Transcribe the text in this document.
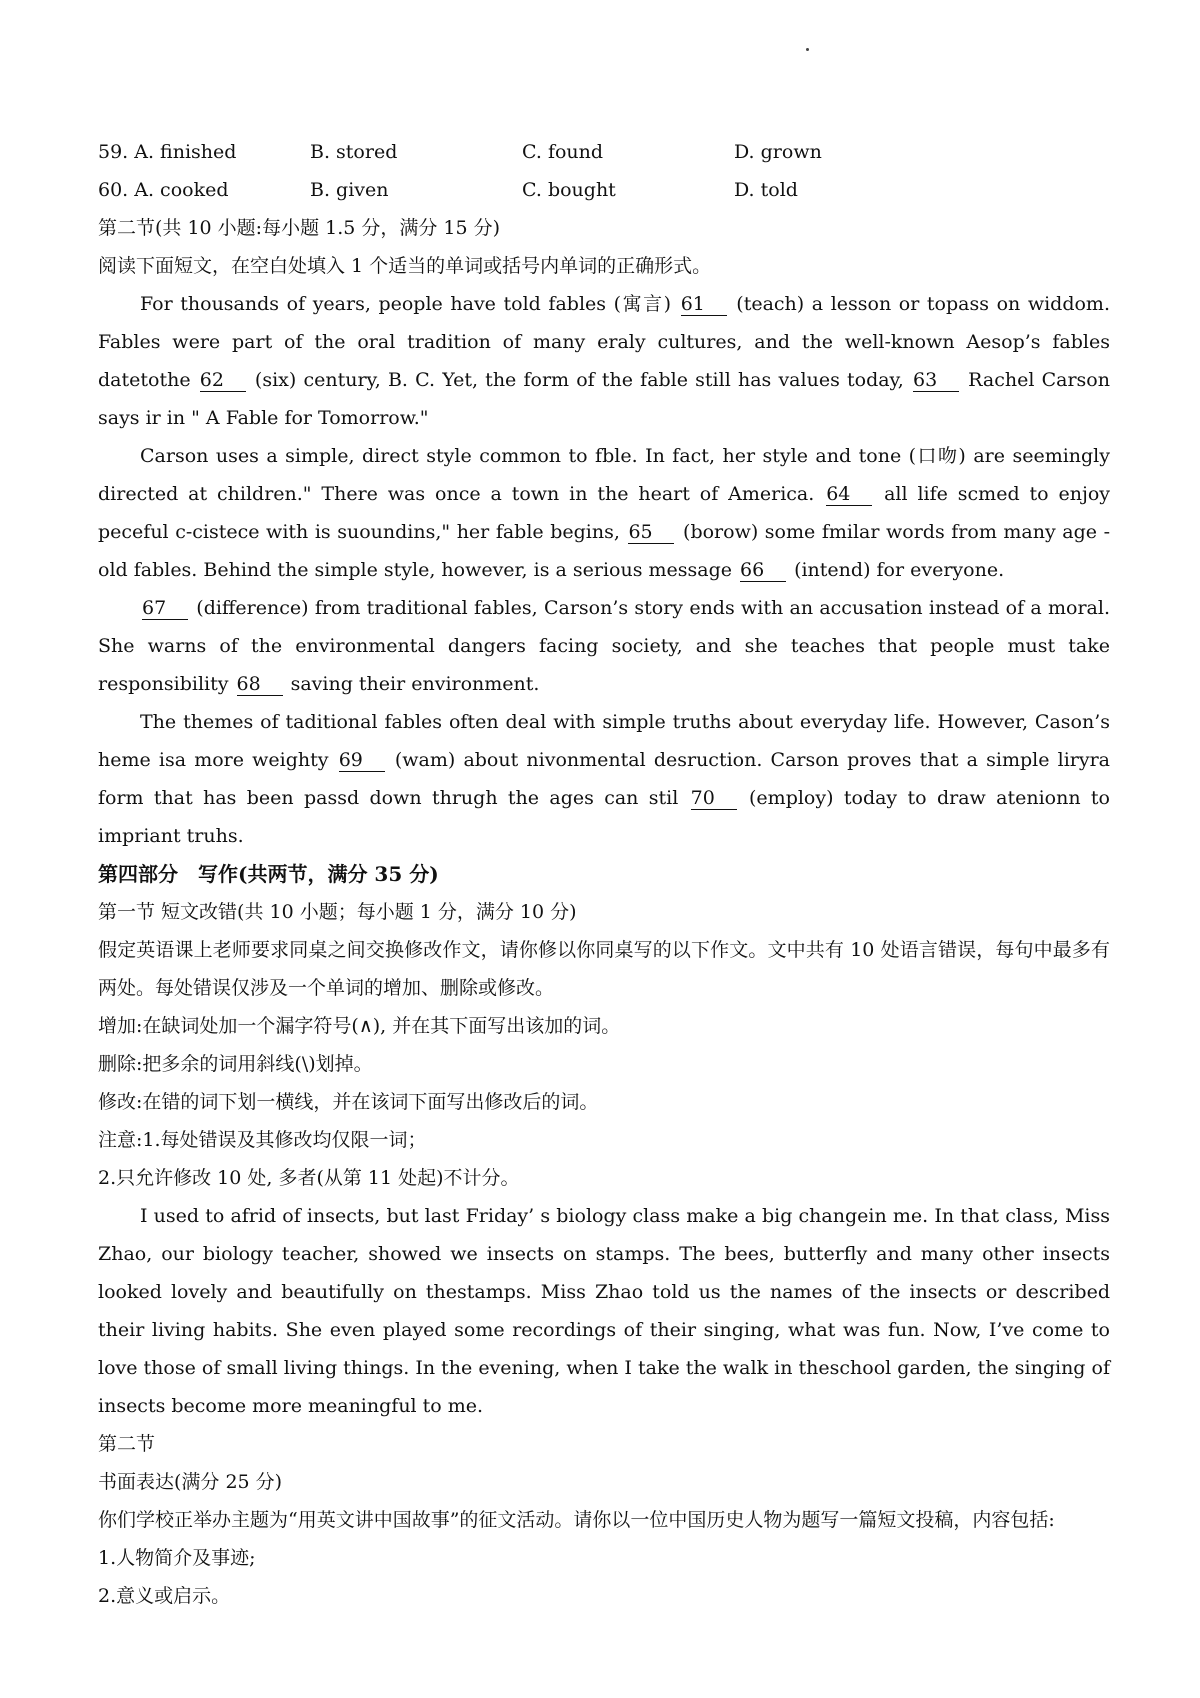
59. A. finished	B. stored	C. found	D. grown
60. A. cooked	B. given	C. bought	D. told
第二节(共 10 小题:每小题 1.5 分，满分 15 分)
阅读下面短文，在空白处填入 1 个适当的单词或括号内单词的正确形式。

For thousands of years, people have told fables (寓言) 61 (teach) a lesson or topass on widdom. Fables were part of the oral tradition of many eraly cultures, and the well-known Aesop’s fables datetothe 62 (six) century, B. C. Yet, the form of the fable still has values today, 63 Rachel Carson says ir in " A Fable for Tomorrow."

Carson uses a simple, direct style common to fble. In fact, her style and tone (口吻) are seemingly directed at children." There was once a town in the heart of America. 64 all life scmed to enjoy peceful c-cistece with is suoundins," her fable begins, 65 (borow) some fmilar words from many age - old fables. Behind the simple style, however, is a serious message 66 (intend) for everyone.

67 (difference) from traditional fables, Carson’s story ends with an accusation instead of a moral. She warns of the environmental dangers facing society, and she teaches that people must take responsibility 68 saving their environment.

The themes of taditional fables often deal with simple truths about everyday life. However, Cason’s heme isa more weighty 69 (wam) about nivonmental desruction. Carson proves that a simple liryra form that has been passd down thrugh the ages can stil 70 (employ) today to draw atenionn to impriant truhs.

第四部分　写作(共两节，满分 35 分)
第一节 短文改错(共 10 小题；每小题 1 分，满分 10 分)
假定英语课上老师要求同桌之间交换修改作文，请你修以你同桌写的以下作文。文中共有 10 处语言错误，每句中最多有两处。每处错误仅涉及一个单词的增加、删除或修改。
增加:在缺词处加一个漏字符号(∧), 并在其下面写出该加的词。
删除:把多余的词用斜线(\)划掉。
修改:在错的词下划一横线，并在该词下面写出修改后的词。
注意:1.每处错误及其修改均仅限一词；
2.只允许修改 10 处, 多者(从第 11 处起)不计分。

I used to afrid of insects, but last Friday’ s biology class make a big changein me. In that class, Miss Zhao, our biology teacher, showed we insects on stamps. The bees, butterfly and many other insects looked lovely and beautifully on thestamps. Miss Zhao told us the names of the insects or described their living habits. She even played some recordings of their singing, what was fun. Now, I’ve come to love those of small living things. In the evening, when I take the walk in theschool garden, the singing of insects become more meaningful to me.

第二节
书面表达(满分 25 分)
你们学校正举办主题为“用英文讲中国故事”的征文活动。请你以一位中国历史人物为题写一篇短文投稿，内容包括:
1.人物简介及事迹;
2.意义或启示。
